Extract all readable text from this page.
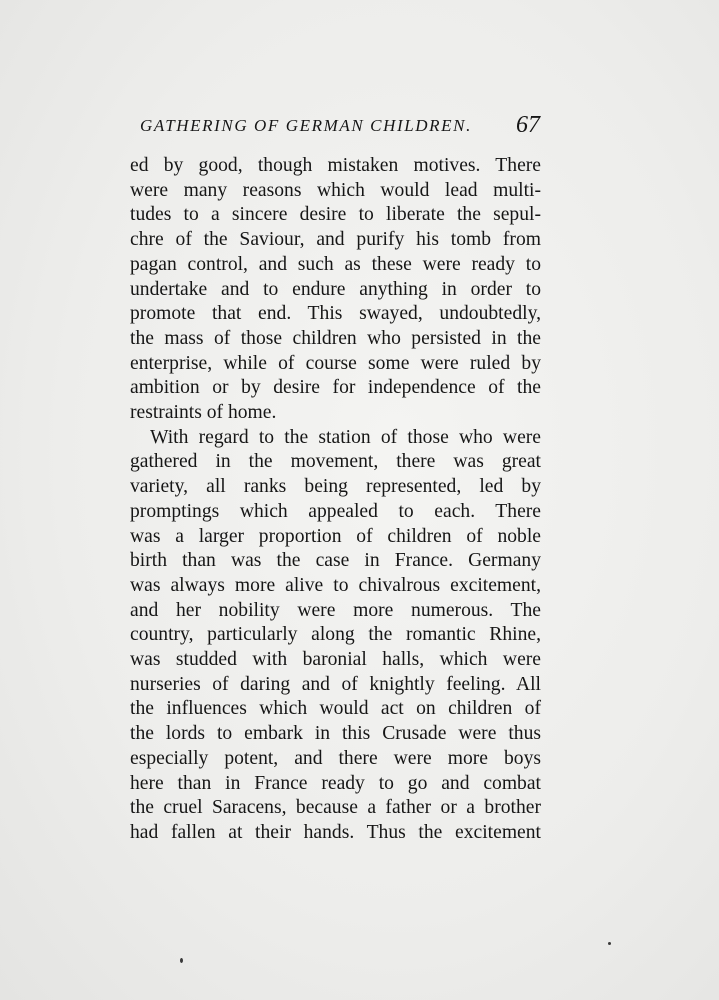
GATHERING OF GERMAN CHILDREN. 67
ed by good, though mistaken motives. There
were many reasons which would lead multi-
tudes to a sincere desire to liberate the sepul-
chre of the Saviour, and purify his tomb from
pagan control, and such as these were ready to
undertake and to endure anything in order to
promote that end. This swayed, undoubtedly,
the mass of those children who persisted in the
enterprise, while of course some were ruled by
ambition or by desire for independence of the
restraints of home.
With regard to the station of those who were
gathered in the movement, there was great
variety, all ranks being represented, led by
promptings which appealed to each. There
was a larger proportion of children of noble
birth than was the case in France. Germany
was always more alive to chivalrous excitement,
and her nobility were more numerous. The
country, particularly along the romantic Rhine,
was studded with baronial halls, which were
nurseries of daring and of knightly feeling. All
the influences which would act on children of
the lords to embark in this Crusade were thus
especially potent, and there were more boys
here than in France ready to go and combat
the cruel Saracens, because a father or a brother
had fallen at their hands. Thus the excitement
